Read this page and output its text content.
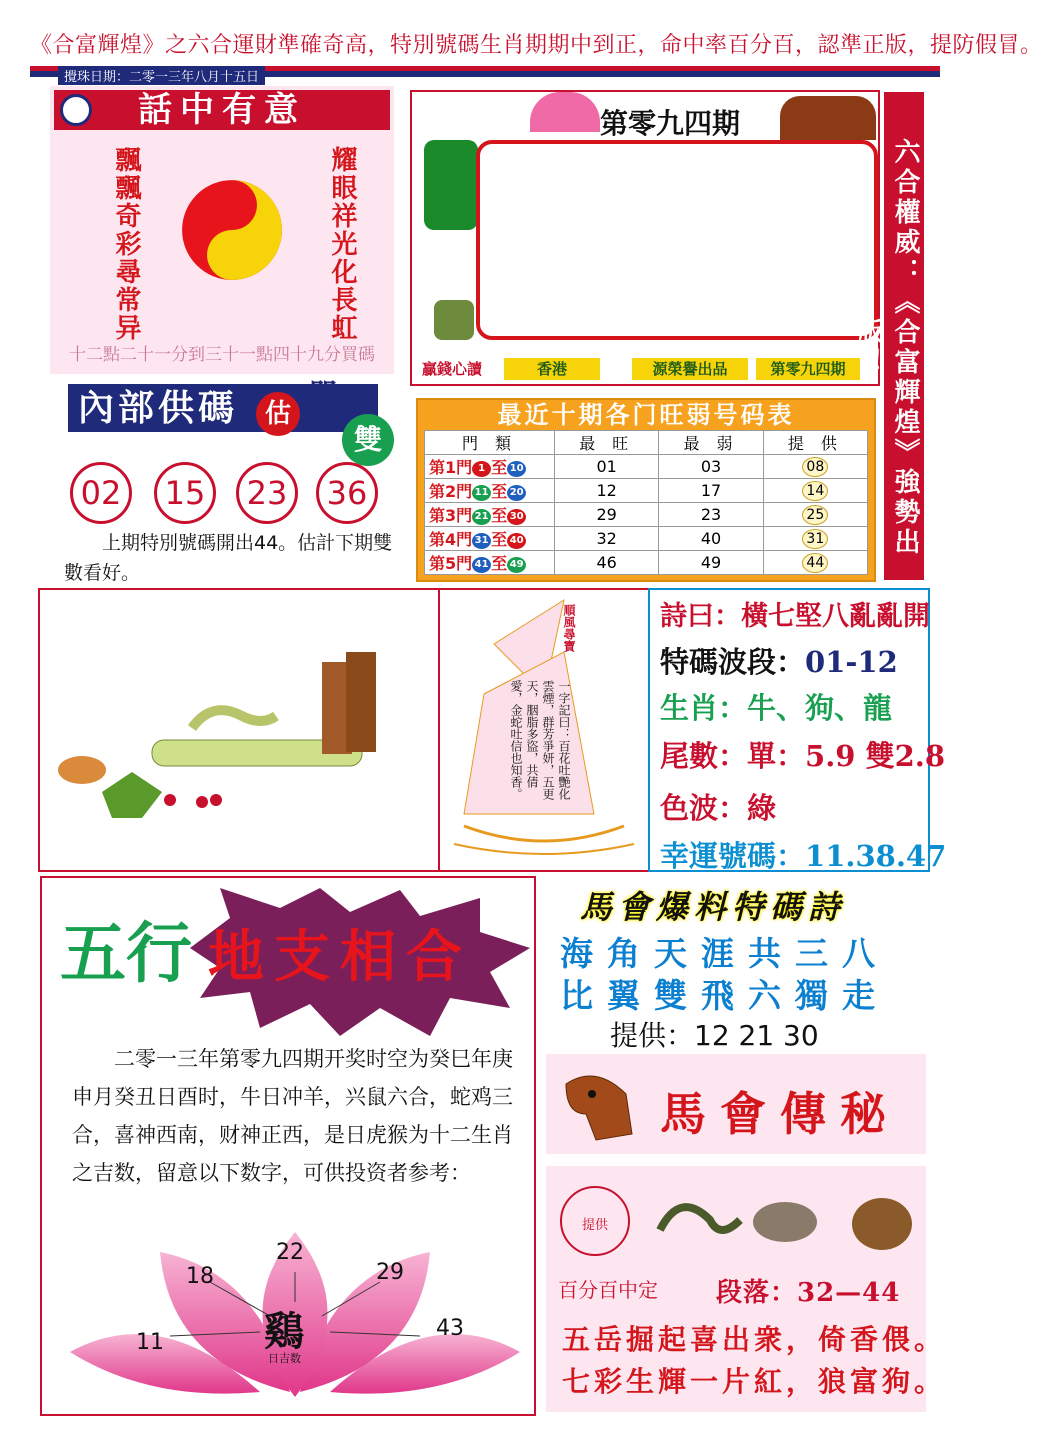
《合富輝煌》之六合運財準確奇高，特別號碼生肖期期中到正，命中率百分百，認準正版，提防假冒。
攪珠日期：二零一三年八月十五日
話中有意
飄飄奇彩尋常异	耀眼祥光化長虹
十二點二十一分到三十一點四十九分買碼
第零九四期
贏錢心讀	香港	源榮譽出品	第零九四期	六合權威：《合富輝煌》強勢出版！
內部供碼	估 單
雙
02	15	23	36
上期特別號碼開出44。估計下期雙數看好。
最近十期各门旺弱号码表
門 類	最 旺	最 弱	提 供
第1門 1 至 10	01	03	08
第2門 11 至 20	12	17	14
第3門 21 至 30	29	23	25
第4門 31 至 40	32	40	31
第5門 41 至 49	46	49	44
順風尋寶
一字記曰：百花吐艷化雲煙，群芳爭妍，五更天，胭脂多盜，共倩愛，金蛇吐信也知香。
詩曰：橫七堅八亂亂開
特碼波段：01-12
生肖：牛、狗、龍
尾數：單：5.9 雙2.8
色波：綠
幸運號碼：11.38.47
五行 地支相合
二零一三年第零九四期开奖时空为癸巳年庚申月癸丑日酉时，牛日冲羊，兴鼠六合，蛇鸡三合，喜神西南，财神正西，是日虎猴为十二生肖之吉数，留意以下数字，可供投资者参考：
11
18
22
29
43
鷄
日吉数
馬會爆料特碼詩
海角天涯共三八
比翼雙飛六獨走
提供：12 21 30
馬會傳秘
提供
百分百中定 段落：32—44
五岳掘起喜出衆，倚香偎。
七彩生輝一片紅，狼富狗。
